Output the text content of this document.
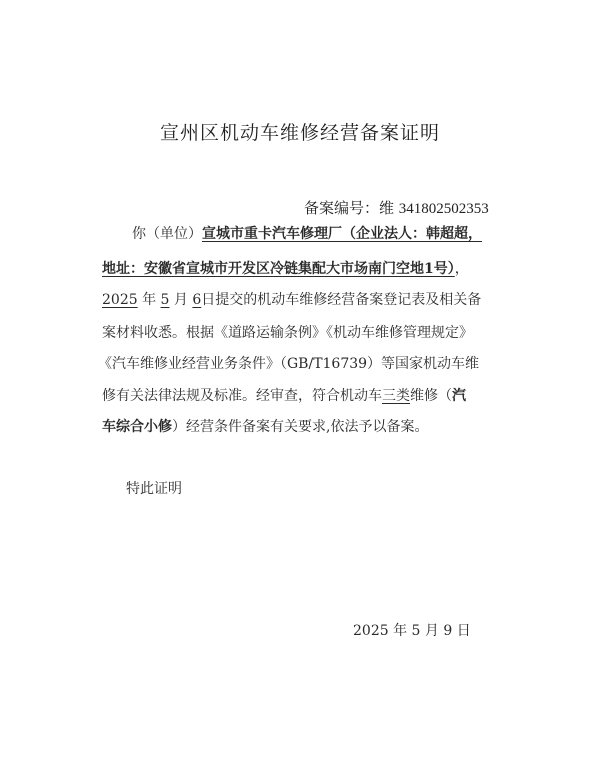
宣州区机动车维修经营备案证明
备案编号：维 341802502353
你（单位）宣城市重卡汽车修理厂（企业法人：韩超超，
地址：安徽省宣城市开发区冷链集配大市场南门空地1号），
2025 年 5 月 6日提交的机动车维修经营备案登记表及相关备
案材料收悉。根据《道路运输条例》《机动车维修管理规定》
《汽车维修业经营业务条件》（GB/T16739）等国家机动车维
修有关法律法规及标准。经审查，符合机动车三类维修（汽
车综合小修）经营条件备案有关要求,依法予以备案。
特此证明
2025 年 5 月 9 日
